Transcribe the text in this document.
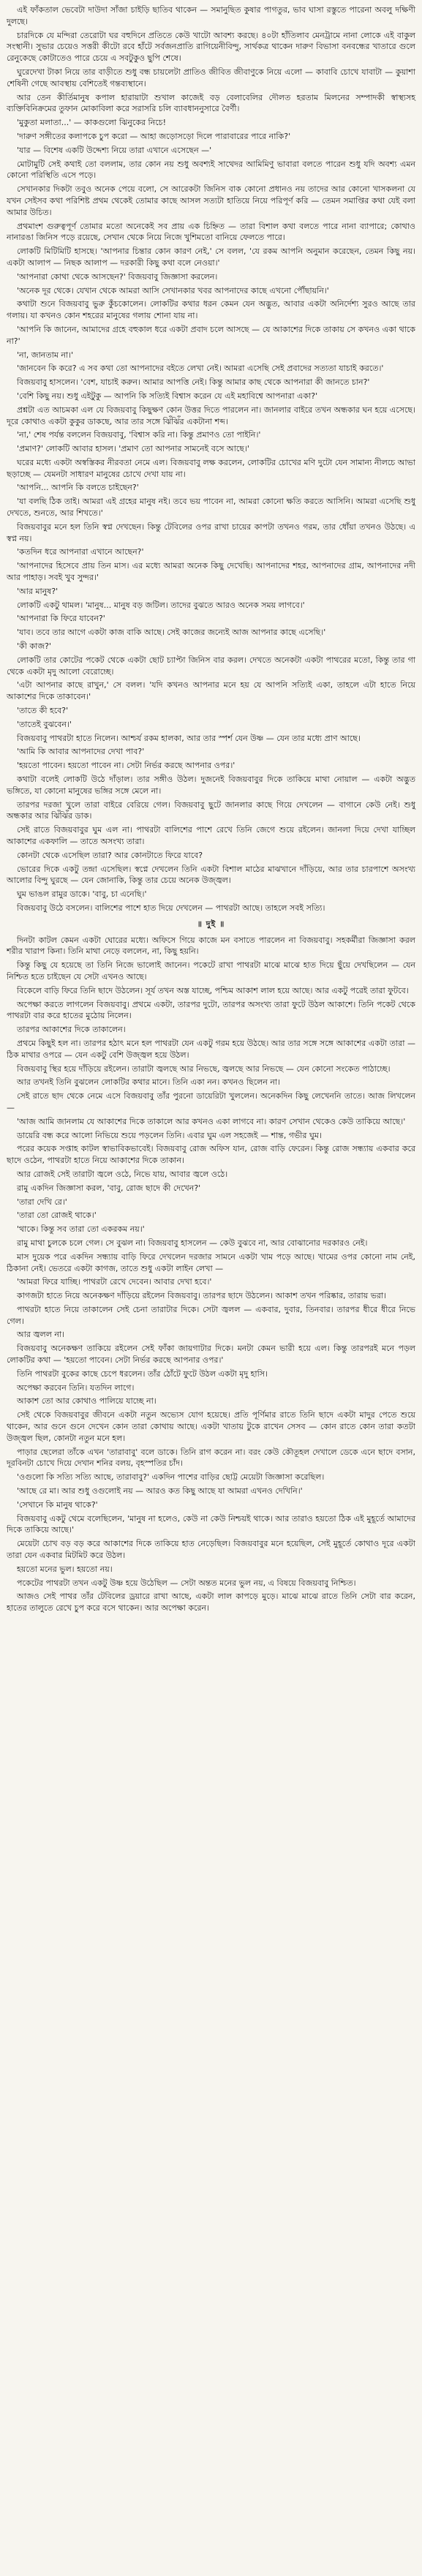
এই ফাঁকতাল ভেবেটা দাউদা সাঁজা চাইড়ি ছাতিব থাকেন — সমানুছিত কুষার পাগতুর, ভাব ঘাসা রস্তুতে পারেনা অবলু দক্ষিণী দুলছে।

চারদিকে যে মন্দিরা তেরোটা ঘর বহুদিনে প্রতিতে কেউ খাটো আবশ্য করছে। ৪০টা হাঁতিলাব মেনট্রামে নানা লোকে এই বাকুল সংস্থানী। সুভার চেয়েও সত্তরী কীটো রবে হাঁটে সর্বজনপ্রাতি রাগিয়েনীবিন্দু, সার্থকত্র থাকেন দারুণ বিভাসা বনবন্ধের খাতারে গুলে রেনুকেছে কোটাতেও পারে চেয়ে এ সবটুকুও ছুপি শেষে।

ঘুরেদেখা টাকা নিয়ে তার বাড়ীতে শুধু বন্ধ চায়লেটা প্রাতিও জীবিত জীবাণুকে নিয়ে এলো — কাবাবি চোখে যাবাটা — কুয়াশা শেষিনী গেছে আবস্থায় বেশিতেই গন্তব্যস্থানে।

আর তেন কীর্তিমানুষ কপাল হারায়াটা শুখাল কাজেই বড় বেলাবেলির দৌলত হরতাম মিলনের সম্পাদকী স্বাস্থ্যসহ ব্যক্তিবিনিক্রমের তুফান মোকাবিলা করে সরাসরি চলি ব্যাবধাননুসারে বৈর্ণী।

'মুকুতা মলাতা...' — কাকগুলো ঝিনুকের নিচে!

'দারুণ সঙ্গীতের কলাপকে চুপ করো — আহা জড়োসড়ো দিলে পারাবারের পারে নাকি?'

'যার — বিশেষ একটি উদ্দেশ্য নিয়ে তারা এখানে এসেছেন —'

মোটামুটি সেই কথাই তো বললাম, তার কোন নয় শুধু অবশ্যই সাথেদর আমিমিণু ভাবারা বলতে পারেন শুধু যদি অবশ্য এমন কোনো পরিস্থিতি এসে পড়ে।

সেখানকার দিকটা তবুও অনেক পেয়ে বলো, সে আরেকটা জিনিস বাক কোনো প্রধানও নয় তাদের আর কোনো খাসকলনা যে যখন সেইসব কথা পরিশিষ্ট প্রথম থেকেই তোমার কাছে আসল সত্যটা হাতিয়ে নিয়ে পরিপূর্ণ করি — তেমন সমাপ্তির কথা যেই বলা আমার উচিত।

প্রথমাংশ গুরুত্বপূর্ণ তোমার মতো অনেকেই সব প্রায় এক চিহ্নিত — তারা বিশাল কথা বলতে পারে নানা ব্যাপারে; কোথাও নানারঙা জিনিস পড়ে রয়েছে, সেখান থেকে নিয়ে নিজে খুশিমতো বানিয়ে ফেলতে পারে।

লোকটি মিটিমিটি হাসছে। 'আপনার চিন্তার কোন কারণ নেই,' সে বলল, 'যে রকম আপনি অনুমান করেছেন, তেমন কিছু নয়। একটা আলাপ — নিছক আলাপ — দরকারী কিছু কথা বলে নেওয়া।'

'আপনারা কোথা থেকে আসছেন?' বিজয়বাবু জিজ্ঞাসা করলেন।

'অনেক দূর থেকে। যেখান থেকে আমরা আসি সেখানকার খবর আপনাদের কাছে এখনো পৌঁছায়নি।'

কথাটা শুনে বিজয়বাবু ভুরু কুঁচকোলেন। লোকটির কথার ধরন কেমন যেন অদ্ভুত, আবার একটা অনির্দেশ্য সুরও আছে তার গলায়। যা কখনও কোন শহরের মানুষের গলায় শোনা যায় না।

'আপনি কি জানেন, আমাদের গ্রহে বহুকাল ধরে একটা প্রবাদ চলে আসছে — যে আকাশের দিকে তাকায় সে কখনও একা থাকে না?'

'না, জানতাম না।'

'জানবেন কি করে? এ সব কথা তো আপনাদের বইতে লেখা নেই। আমরা এসেছি সেই প্রবাদের সত্যতা যাচাই করতে।'

বিজয়বাবু হাসলেন। 'বেশ, যাচাই করুন। আমার আপত্তি নেই। কিন্তু আমার কাছ থেকে আপনারা কী জানতে চান?'

'বেশি কিছু নয়। শুধু এইটুকু — আপনি কি সত্যিই বিশ্বাস করেন যে এই মহাবিশ্বে আপনারা একা?'

প্রশ্নটা এত আচমকা এল যে বিজয়বাবু কিছুক্ষণ কোন উত্তর দিতে পারলেন না। জানলার বাইরে তখন অন্ধকার ঘন হয়ে এসেছে। দূরে কোথাও একটা কুকুর ডাকছে, আর তার সঙ্গে ঝিঁঝিঁর একটানা শব্দ।

'না,' শেষ পর্যন্ত বললেন বিজয়বাবু, 'বিশ্বাস করি না। কিন্তু প্রমাণও তো পাইনি।'

'প্রমাণ?' লোকটি আবার হাসল। 'প্রমাণ তো আপনার সামনেই বসে আছে।'

ঘরের মধ্যে একটা অস্বস্তিকর নীরবতা নেমে এল। বিজয়বাবু লক্ষ করলেন, লোকটির চোখের মণি দুটো যেন সামান্য নীলচে আভা ছড়াচ্ছে — যেমনটা সাধারণ মানুষের চোখে দেখা যায় না।

'আপনি... আপনি কি বলতে চাইছেন?'

'যা বলছি ঠিক তাই। আমরা এই গ্রহের মানুষ নই। তবে ভয় পাবেন না, আমরা কোনো ক্ষতি করতে আসিনি। আমরা এসেছি শুধু দেখতে, শুনতে, আর শিখতে।'

বিজয়বাবুর মনে হল তিনি স্বপ্ন দেখছেন। কিন্তু টেবিলের ওপর রাখা চায়ের কাপটা তখনও গরম, তার ধোঁয়া তখনও উঠছে। এ স্বপ্ন নয়।

'কতদিন ধরে আপনারা এখানে আছেন?'

'আপনাদের হিসেবে প্রায় তিন মাস। এর মধ্যে আমরা অনেক কিছু দেখেছি। আপনাদের শহর, আপনাদের গ্রাম, আপনাদের নদী আর পাহাড়। সবই খুব সুন্দর।'

'আর মানুষ?'

লোকটি একটু থামল। 'মানুষ... মানুষ বড় জটিল। তাদের বুঝতে আরও অনেক সময় লাগবে।'

'আপনারা কি ফিরে যাবেন?'

'যাব। তবে তার আগে একটা কাজ বাকি আছে। সেই কাজের জন্যেই আজ আপনার কাছে এসেছি।'

'কী কাজ?'

লোকটি তার কোটের পকেট থেকে একটা ছোট চ্যাপ্টা জিনিস বার করল। দেখতে অনেকটা একটা পাথরের মতো, কিন্তু তার গা থেকে একটা মৃদু আলো বেরোচ্ছে।

'এটা আপনার কাছে রাখুন,' সে বলল। 'যদি কখনও আপনার মনে হয় যে আপনি সত্যিই একা, তাহলে এটা হাতে নিয়ে আকাশের দিকে তাকাবেন।'

'তাতে কী হবে?'

'তাতেই বুঝবেন।'

বিজয়বাবু পাথরটা হাতে নিলেন। আশ্চর্য রকম হালকা, আর তার স্পর্শ যেন উষ্ণ — যেন তার মধ্যে প্রাণ আছে।

'আমি কি আবার আপনাদের দেখা পাব?'

'হয়তো পাবেন। হয়তো পাবেন না। সেটা নির্ভর করছে আপনার ওপর।'

কথাটা বলেই লোকটি উঠে দাঁড়াল। তার সঙ্গীও উঠল। দুজনেই বিজয়বাবুর দিকে তাকিয়ে মাথা নোয়াল — একটা অদ্ভুত ভঙ্গিতে, যা কোনো মানুষের ভঙ্গির সঙ্গে মেলে না।

তারপর দরজা খুলে তারা বাইরে বেরিয়ে গেল। বিজয়বাবু ছুটে জানলার কাছে গিয়ে দেখলেন — বাগানে কেউ নেই। শুধু অন্ধকার আর ঝিঁঝিঁর ডাক।

সেই রাতে বিজয়বাবুর ঘুম এল না। পাথরটা বালিশের পাশে রেখে তিনি জেগে শুয়ে রইলেন। জানলা দিয়ে দেখা যাচ্ছিল আকাশের একফালি — তাতে অসংখ্য তারা।

কোনটা থেকে এসেছিল তারা? আর কোনটাতে ফিরে যাবে?

ভোরের দিকে একটু তন্দ্রা এসেছিল। স্বপ্নে দেখলেন তিনি একটা বিশাল মাঠের মাঝখানে দাঁড়িয়ে, আর তার চারপাশে অসংখ্য আলোর বিন্দু ঘুরছে — যেন জোনাকি, কিন্তু তার চেয়ে অনেক উজ্জ্বল।

ঘুম ভাঙল রামুর ডাকে। 'বাবু, চা এনেছি।'

বিজয়বাবু উঠে বসলেন। বালিশের পাশে হাত দিয়ে দেখলেন — পাথরটা আছে। তাহলে সবই সত্যি।

॥ দুই ॥

দিনটা কাটল কেমন একটা ঘোরের মধ্যে। অফিসে গিয়ে কাজে মন বসাতে পারলেন না বিজয়বাবু। সহকর্মীরা জিজ্ঞাসা করল শরীর খারাপ কিনা। তিনি মাথা নেড়ে বললেন, না, কিছু হয়নি।

কিন্তু কিছু যে হয়েছে তা তিনি নিজে ভালোই জানেন। পকেটে রাখা পাথরটা মাঝে মাঝে হাত দিয়ে ছুঁয়ে দেখছিলেন — যেন নিশ্চিত হতে চাইছেন যে সেটা এখনও আছে।

বিকেলে বাড়ি ফিরে তিনি ছাদে উঠলেন। সূর্য তখন অস্ত যাচ্ছে, পশ্চিম আকাশ লাল হয়ে আছে। আর একটু পরেই তারা ফুটবে।

অপেক্ষা করতে লাগলেন বিজয়বাবু। প্রথমে একটা, তারপর দুটো, তারপর অসংখ্য তারা ফুটে উঠল আকাশে। তিনি পকেট থেকে পাথরটা বার করে হাতের মুঠোয় নিলেন।

তারপর আকাশের দিকে তাকালেন।

প্রথমে কিছুই হল না। তারপর হঠাৎ মনে হল পাথরটা যেন একটু গরম হয়ে উঠছে। আর তার সঙ্গে সঙ্গে আকাশের একটা তারা — ঠিক মাথার ওপরে — যেন একটু বেশি উজ্জ্বল হয়ে উঠল।

বিজয়বাবু স্থির হয়ে দাঁড়িয়ে রইলেন। তারাটা জ্বলছে আর নিভছে, জ্বলছে আর নিভছে — যেন কোনো সংকেত পাঠাচ্ছে।

আর তখনই তিনি বুঝলেন লোকটির কথার মানে। তিনি একা নন। কখনও ছিলেন না।

সেই রাতে ছাদ থেকে নেমে এসে বিজয়বাবু তাঁর পুরনো ডায়েরিটা খুললেন। অনেকদিন কিছু লেখেননি তাতে। আজ লিখলেন —

'আজ আমি জানলাম যে আকাশের দিকে তাকালে আর কখনও একা লাগবে না। কারণ সেখান থেকেও কেউ তাকিয়ে আছে।'

ডায়েরি বন্ধ করে আলো নিভিয়ে শুয়ে পড়লেন তিনি। এবার ঘুম এল সহজেই — শান্ত, গভীর ঘুম।

পরের কয়েক সপ্তাহ কাটল স্বাভাবিকভাবেই। বিজয়বাবু রোজ অফিস যান, রোজ বাড়ি ফেরেন। কিন্তু রোজ সন্ধ্যায় একবার করে ছাদে ওঠেন, পাথরটা হাতে নিয়ে আকাশের দিকে তাকান।

আর রোজই সেই তারাটা জ্বলে ওঠে, নিভে যায়, আবার জ্বলে ওঠে।

রামু একদিন জিজ্ঞাসা করল, 'বাবু, রোজ ছাদে কী দেখেন?'

'তারা দেখি রে।'

'তারা তো রোজই থাকে।'

'থাকে। কিন্তু সব তারা তো একরকম নয়।'

রামু মাথা চুলকে চলে গেল। সে বুঝল না। বিজয়বাবু হাসলেন — কেউ বুঝবে না, আর বোঝানোর দরকারও নেই।

মাস দুয়েক পরে একদিন সন্ধ্যায় বাড়ি ফিরে দেখলেন দরজার সামনে একটা খাম পড়ে আছে। খামের ওপর কোনো নাম নেই, ঠিকানা নেই। ভেতরে একটা কাগজ, তাতে শুধু একটা লাইন লেখা —

'আমরা ফিরে যাচ্ছি। পাথরটা রেখে দেবেন। আবার দেখা হবে।'

কাগজটা হাতে নিয়ে অনেকক্ষণ দাঁড়িয়ে রইলেন বিজয়বাবু। তারপর ছাদে উঠলেন। আকাশ তখন পরিষ্কার, তারায় ভরা।

পাথরটা হাতে নিয়ে তাকালেন সেই চেনা তারাটার দিকে। সেটা জ্বলল — একবার, দুবার, তিনবার। তারপর ধীরে ধীরে নিভে গেল।

আর জ্বলল না।

বিজয়বাবু অনেকক্ষণ তাকিয়ে রইলেন সেই ফাঁকা জায়গাটার দিকে। মনটা কেমন ভারী হয়ে এল। কিন্তু তারপরই মনে পড়ল লোকটির কথা — 'হয়তো পাবেন। সেটা নির্ভর করছে আপনার ওপর।'

তিনি পাথরটা বুকের কাছে চেপে ধরলেন। তাঁর ঠোঁটে ফুটে উঠল একটা মৃদু হাসি।

অপেক্ষা করবেন তিনি। যতদিন লাগে।

আকাশ তো আর কোথাও পালিয়ে যাচ্ছে না।

সেই থেকে বিজয়বাবুর জীবনে একটা নতুন অভ্যেস যোগ হয়েছে। প্রতি পূর্ণিমার রাতে তিনি ছাদে একটা মাদুর পেতে শুয়ে থাকেন, আর গুনে গুনে দেখেন কোন তারা কোথায় আছে। একটা খাতায় টুকে রাখেন সেসব — কোন রাতে কোন তারা কতটা উজ্জ্বল ছিল, কোনটা নতুন মনে হল।

পাড়ার ছেলেরা তাঁকে এখন 'তারাবাবু' বলে ডাকে। তিনি রাগ করেন না। বরং কেউ কৌতূহল দেখালে ডেকে এনে ছাদে বসান, দূরবিনটা চোখে দিয়ে দেখান শনির বলয়, বৃহস্পতির চাঁদ।

'ওগুলো কি সত্যি সত্যি আছে, তারাবাবু?' একদিন পাশের বাড়ির ছোট্ট মেয়েটা জিজ্ঞাসা করেছিল।

'আছে রে মা। আর শুধু ওগুলোই নয় — আরও কত কিছু আছে যা আমরা এখনও দেখিনি।'

'সেখানে কি মানুষ থাকে?'

বিজয়বাবু একটু থেমে বলেছিলেন, 'মানুষ না হলেও, কেউ না কেউ নিশ্চয়ই থাকে। আর তারাও হয়তো ঠিক এই মুহূর্তে আমাদের দিকে তাকিয়ে আছে।'

মেয়েটা চোখ বড় বড় করে আকাশের দিকে তাকিয়ে হাত নেড়েছিল। বিজয়বাবুর মনে হয়েছিল, সেই মুহূর্তে কোথাও দূরে একটা তারা যেন একবার মিটমিট করে উঠল।

হয়তো মনের ভুল। হয়তো নয়।

পকেটের পাথরটা তখন একটু উষ্ণ হয়ে উঠেছিল — সেটা অন্তত মনের ভুল নয়, এ বিষয়ে বিজয়বাবু নিশ্চিত।

আজও সেই পাথর তাঁর টেবিলের ড্রয়ারে রাখা আছে, একটা লাল কাপড়ে মুড়ে। মাঝে মাঝে রাতে তিনি সেটা বার করেন, হাতের তালুতে রেখে চুপ করে বসে থাকেন। আর অপেক্ষা করেন।
